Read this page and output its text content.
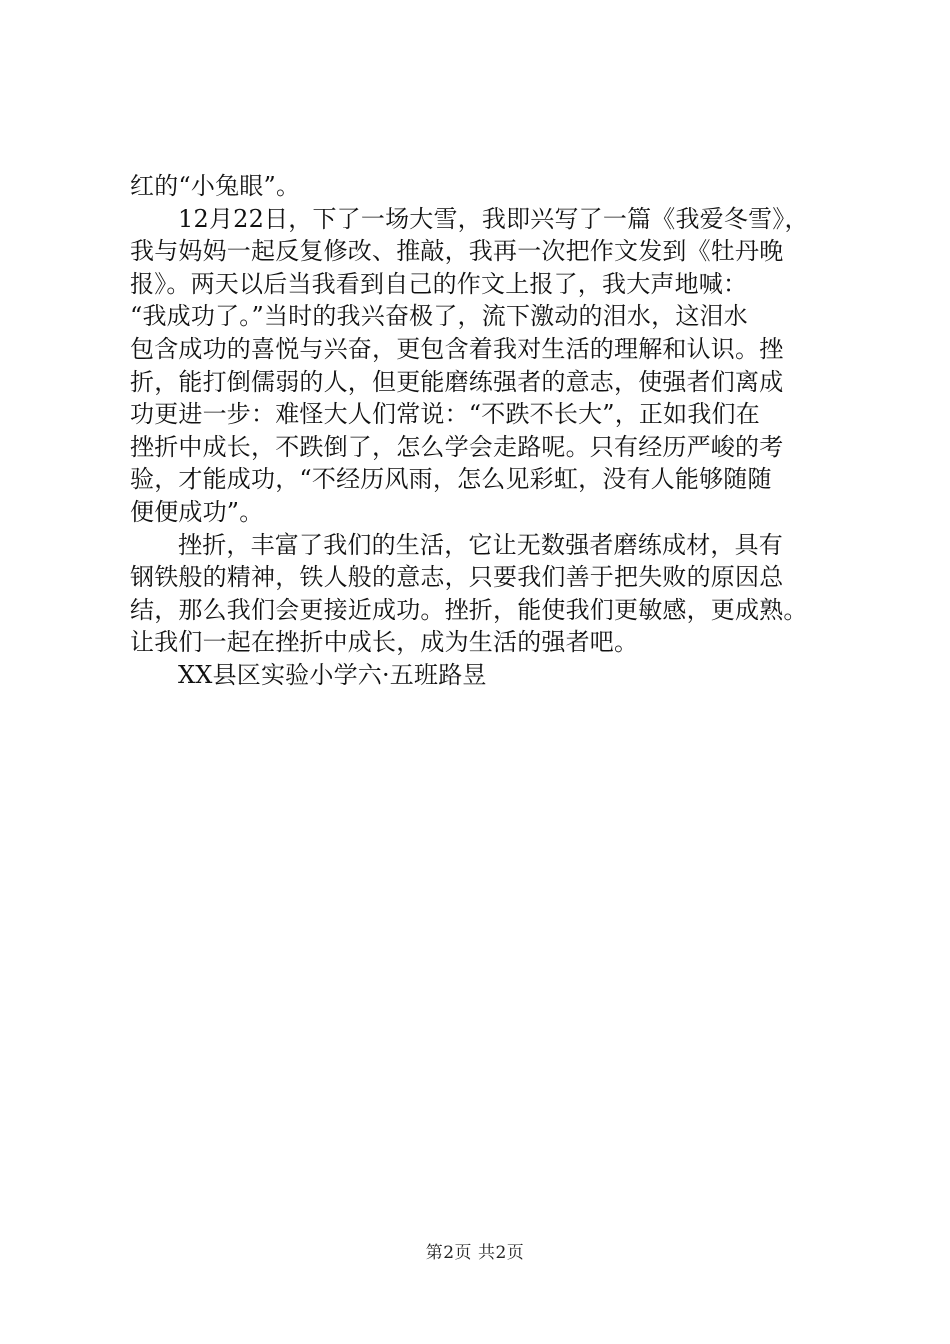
红的“小兔眼”。
12月22日，下了一场大雪，我即兴写了一篇《我爱冬雪》，
我与妈妈一起反复修改、推敲，我再一次把作文发到《牡丹晚
报》。两天以后当我看到自己的作文上报了，我大声地喊：
“我成功了。”当时的我兴奋极了，流下激动的泪水，这泪水
包含成功的喜悦与兴奋，更包含着我对生活的理解和认识。挫
折，能打倒儒弱的人，但更能磨练强者的意志，使强者们离成
功更进一步：难怪大人们常说：“不跌不长大”，正如我们在
挫折中成长，不跌倒了，怎么学会走路呢。只有经历严峻的考
验，才能成功，“不经历风雨，怎么见彩虹，没有人能够随随
便便成功”。
挫折，丰富了我们的生活，它让无数强者磨练成材，具有
钢铁般的精神，铁人般的意志，只要我们善于把失败的原因总
结，那么我们会更接近成功。挫折，能使我们更敏感，更成熟。
让我们一起在挫折中成长，成为生活的强者吧。
XX县区实验小学六·五班路昱
第2页 共2页
